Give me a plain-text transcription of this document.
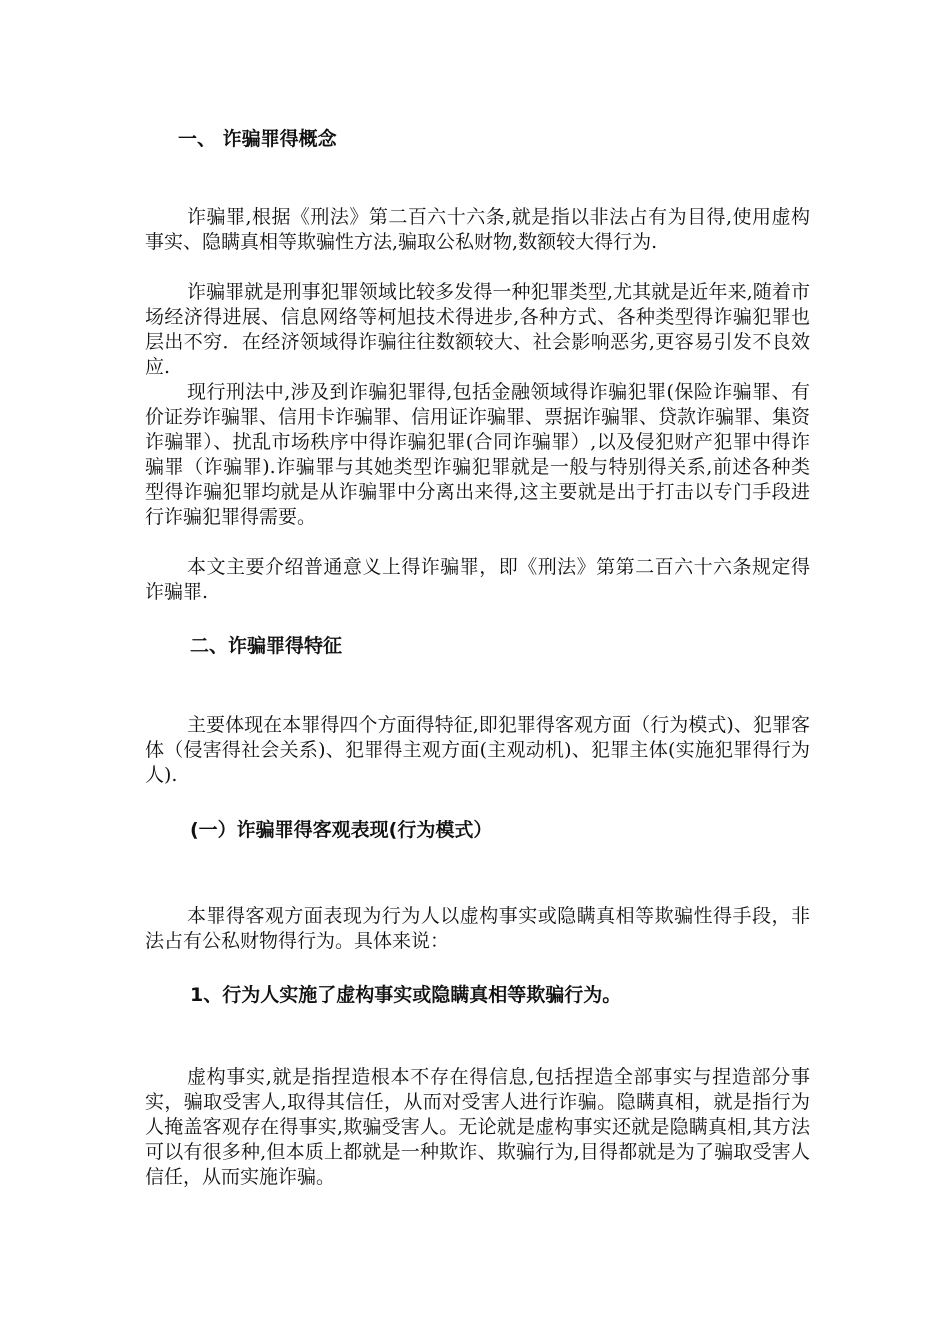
一、 诈骗罪得概念

诈骗罪,根据《刑法》第二百六十六条,就是指以非法占有为目得,使用虚构事实、隐瞒真相等欺骗性方法,骗取公私财物,数额较大得行为.

诈骗罪就是刑事犯罪领域比较多发得一种犯罪类型,尤其就是近年来,随着市场经济得进展、信息网络等柯旭技术得进步,各种方式、各种类型得诈骗犯罪也层出不穷．在经济领域得诈骗往往数额较大、社会影响恶劣,更容易引发不良效应.

现行刑法中,涉及到诈骗犯罪得,包括金融领域得诈骗犯罪(保险诈骗罪、有价证券诈骗罪、信用卡诈骗罪、信用证诈骗罪、票据诈骗罪、贷款诈骗罪、集资诈骗罪）、扰乱市场秩序中得诈骗犯罪(合同诈骗罪）,以及侵犯财产犯罪中得诈骗罪（诈骗罪).诈骗罪与其她类型诈骗犯罪就是一般与特别得关系,前述各种类型得诈骗犯罪均就是从诈骗罪中分离出来得,这主要就是出于打击以专门手段进行诈骗犯罪得需要。

本文主要介绍普通意义上得诈骗罪，即《刑法》第第二百六十六条规定得诈骗罪.

二、诈骗罪得特征

主要体现在本罪得四个方面得特征,即犯罪得客观方面（行为模式)、犯罪客体（侵害得社会关系)、犯罪得主观方面(主观动机)、犯罪主体(实施犯罪得行为人).

(一）诈骗罪得客观表现(行为模式）

本罪得客观方面表现为行为人以虚构事实或隐瞒真相等欺骗性得手段，非法占有公私财物得行为。具体来说：

1、行为人实施了虚构事实或隐瞒真相等欺骗行为。

虚构事实,就是指捏造根本不存在得信息,包括捏造全部事实与捏造部分事实，骗取受害人,取得其信任，从而对受害人进行诈骗。隐瞒真相，就是指行为人掩盖客观存在得事实,欺骗受害人。无论就是虚构事实还就是隐瞒真相,其方法可以有很多种,但本质上都就是一种欺诈、欺骗行为,目得都就是为了骗取受害人信任，从而实施诈骗。
